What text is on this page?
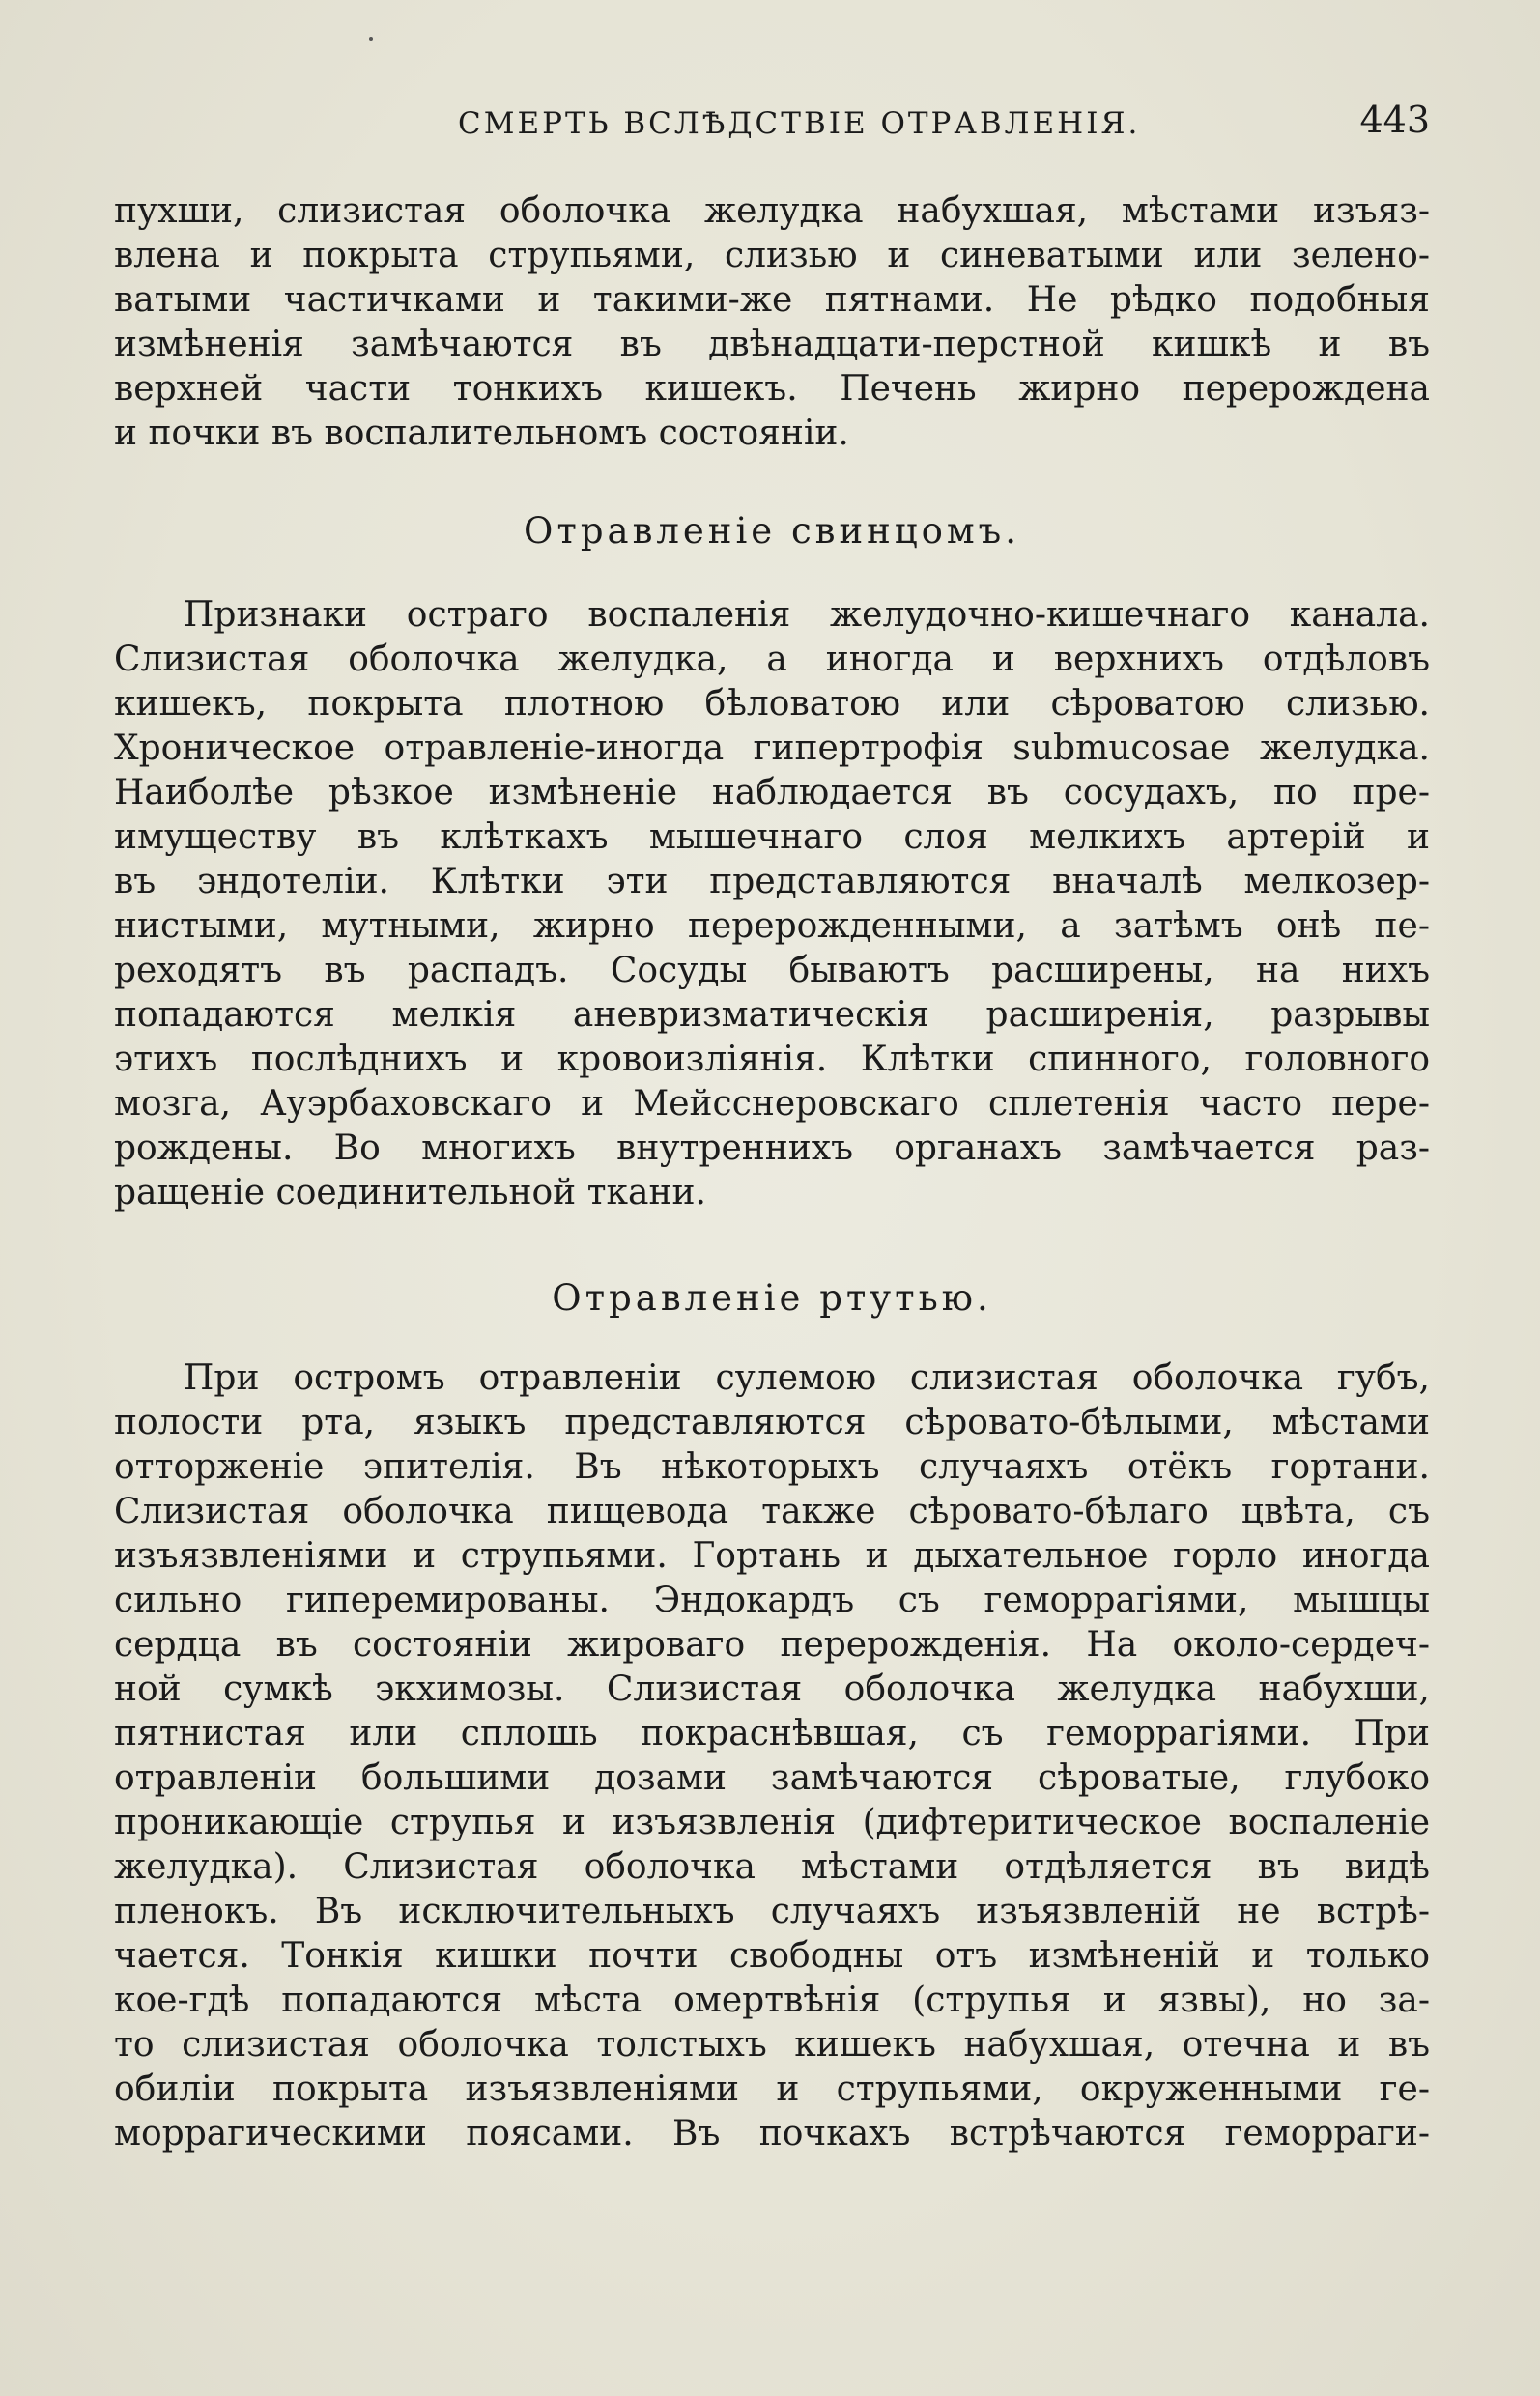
СМЕРТЬ ВСЛѢДСТВІЕ ОТРАВЛЕНІЯ.	443
пухши, слизистая оболочка желудка набухшая, мѣстами изъяз-
влена и покрыта струпьями, слизью и синеватыми или зелено-
ватыми частичками и такими-же пятнами. Не рѣдко подобныя
измѣненія замѣчаются въ двѣнадцати-перстной кишкѣ и въ
верхней части тонкихъ кишекъ. Печень жирно перерождена
и почки въ воспалительномъ состояніи.
Отравленіе свинцомъ.
Признаки остраго воспаленія желудочно-кишечнаго канала.
Слизистая оболочка желудка, а иногда и верхнихъ отдѣловъ
кишекъ, покрыта плотною бѣловатою или сѣроватою слизью.
Хроническое отравленіе-иногда гипертрофія submucosae желудка.
Наиболѣе рѣзкое измѣненіе наблюдается въ сосудахъ, по пре-
имуществу въ клѣткахъ мышечнаго слоя мелкихъ артерій и
въ эндотеліи. Клѣтки эти представляются вначалѣ мелкозер-
нистыми, мутными, жирно перерожденными, а затѣмъ онѣ пе-
реходятъ въ распадъ. Сосуды бываютъ расширены, на нихъ
попадаются мелкія аневризматическія расширенія, разрывы
этихъ послѣднихъ и кровоизліянія. Клѣтки спинного, головного
мозга, Ауэрбаховскаго и Мейсснеровскаго сплетенія часто пере-
рождены. Во многихъ внутреннихъ органахъ замѣчается раз-
ращеніе соединительной ткани.
Отравленіе ртутью.
При остромъ отравленіи сулемою слизистая оболочка губъ,
полости рта, языкъ представляются сѣровато-бѣлыми, мѣстами
отторженіе эпителія. Въ нѣкоторыхъ случаяхъ отёкъ гортани.
Слизистая оболочка пищевода также сѣровато-бѣлаго цвѣта, съ
изъязвленіями и струпьями. Гортань и дыхательное горло иногда
сильно гиперемированы. Эндокардъ съ геморрагіями, мышцы
сердца въ состояніи жироваго перерожденія. На около-сердеч-
ной сумкѣ экхимозы. Слизистая оболочка желудка набухши,
пятнистая или сплошь покраснѣвшая, съ геморрагіями. При
отравленіи большими дозами замѣчаются сѣроватые, глубоко
проникающіе струпья и изъязвленія (дифтеритическое воспаленіе
желудка). Слизистая оболочка мѣстами отдѣляется въ видѣ
пленокъ. Въ исключительныхъ случаяхъ изъязвленій не встрѣ-
чается. Тонкія кишки почти свободны отъ измѣненій и только
кое-гдѣ попадаются мѣста омертвѣнія (струпья и язвы), но за-
то слизистая оболочка толстыхъ кишекъ набухшая, отечна и въ
обиліи покрыта изъязвленіями и струпьями, окруженными ге-
моррагическими поясами. Въ почкахъ встрѣчаются геморраги-
